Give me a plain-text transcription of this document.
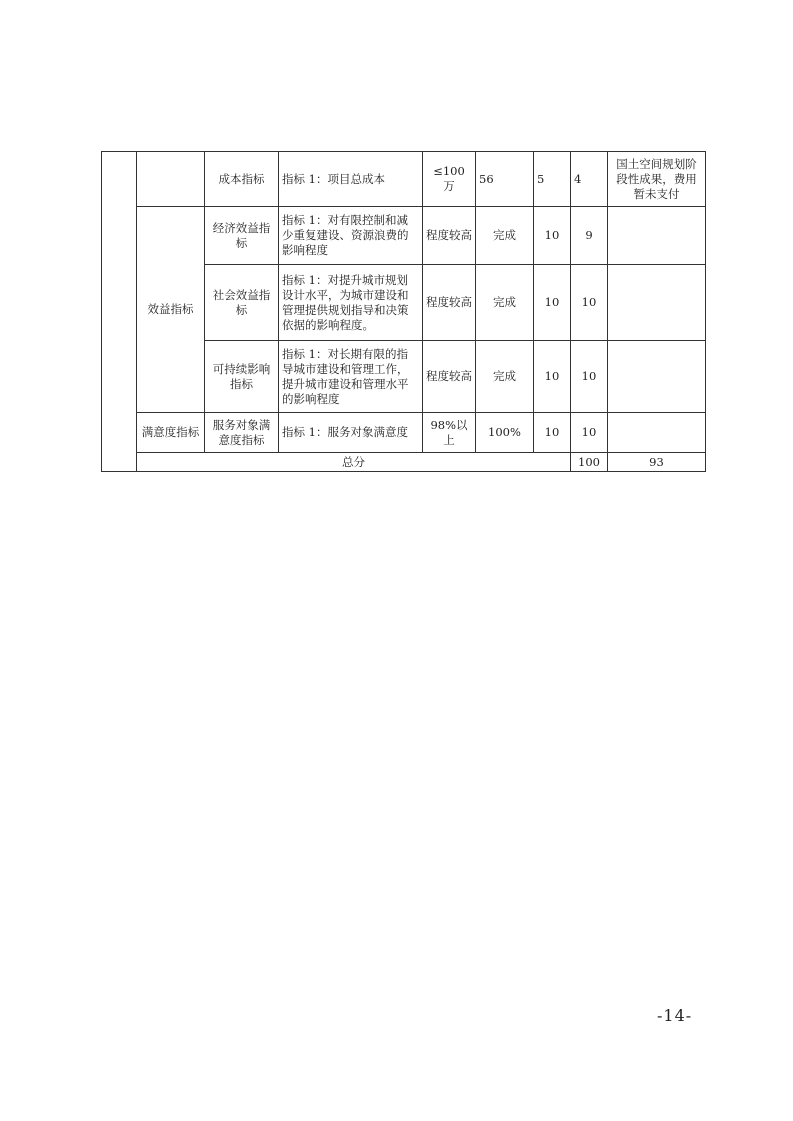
		成本指标	指标 1：项目总成本	≤100 万	56	5	4	国土空间规划阶段性成果，费用暂未支付	
	效益指标	经济效益指标	指标 1：对有限控制和减少重复建设、资源浪费的影响程度	程度较高	完成	10	9		
		社会效益指标	指标 1：对提升城市规划设计水平，为城市建设和管理提供规划指导和决策依据的影响程度。	程度较高	完成	10	10		
		可持续影响指标	指标 1：对长期有限的指导城市建设和管理工作，提升城市建设和管理水平的影响程度	程度较高	完成	10	10		
	满意度指标	服务对象满意度指标	指标 1：服务对象满意度	98%以上	100%	10	10		
	总分						100	93	
-14-
